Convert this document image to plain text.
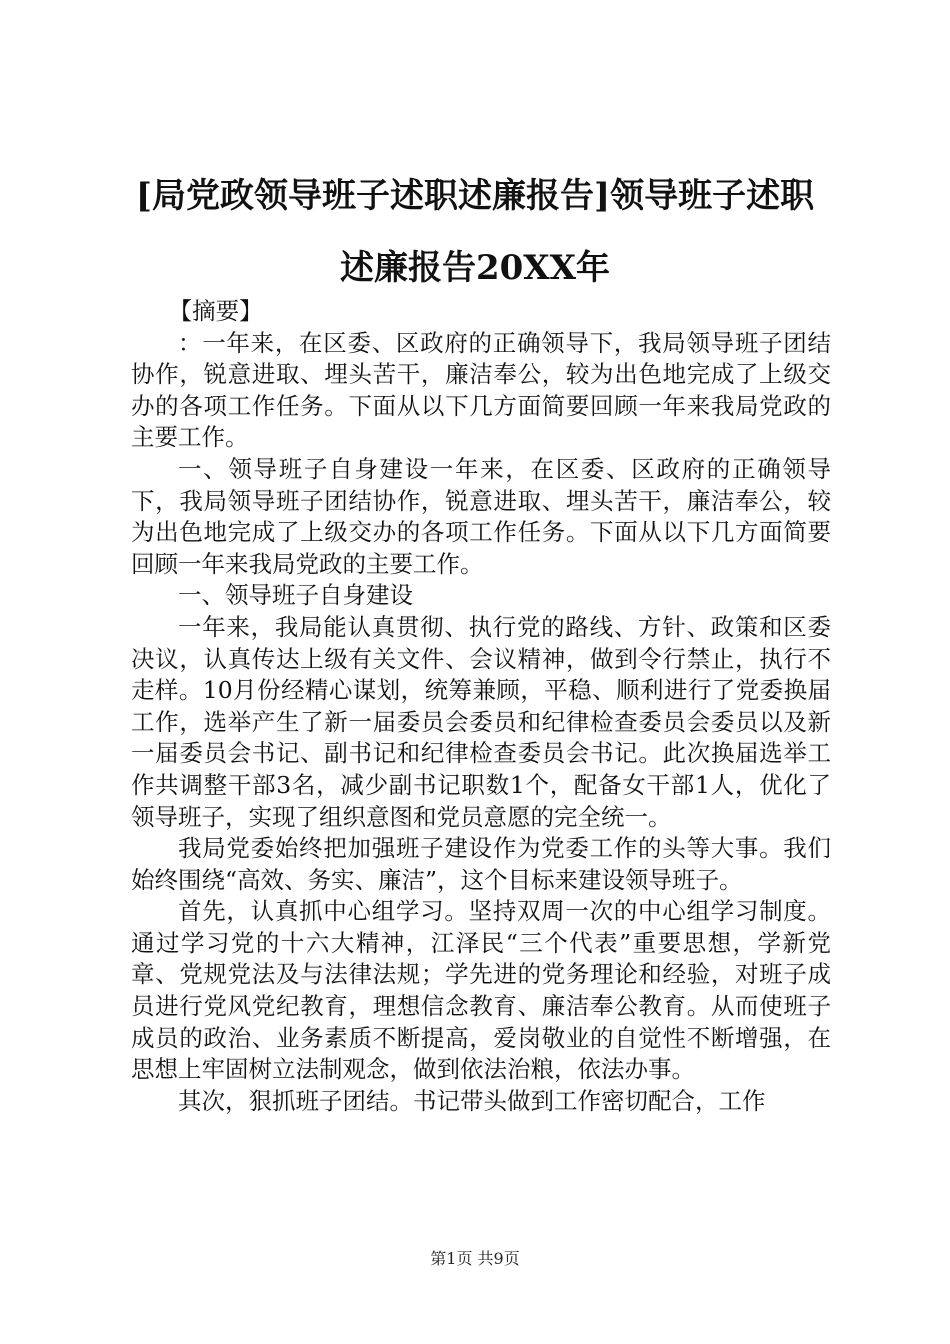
[局党政领导班子述职述廉报告]领导班子述职
述廉报告20XX年

【摘要】

：一年来，在区委、区政府的正确领导下，我局领导班子团结协作，锐意进取、埋头苦干，廉洁奉公，较为出色地完成了上级交办的各项工作任务。下面从以下几方面简要回顾一年来我局党政的主要工作。

一、领导班子自身建设一年来，在区委、区政府的正确领导下，我局领导班子团结协作，锐意进取、埋头苦干，廉洁奉公，较为出色地完成了上级交办的各项工作任务。下面从以下几方面简要回顾一年来我局党政的主要工作。

一、领导班子自身建设

一年来，我局能认真贯彻、执行党的路线、方针、政策和区委决议，认真传达上级有关文件、会议精神，做到令行禁止，执行不走样。10月份经精心谋划，统筹兼顾，平稳、顺利进行了党委换届工作，选举产生了新一届委员会委员和纪律检查委员会委员以及新一届委员会书记、副书记和纪律检查委员会书记。此次换届选举工作共调整干部3名，减少副书记职数1个，配备女干部1人，优化了领导班子，实现了组织意图和党员意愿的完全统一。

我局党委始终把加强班子建设作为党委工作的头等大事。我们始终围绕“高效、务实、廉洁”，这个目标来建设领导班子。

首先，认真抓中心组学习。坚持双周一次的中心组学习制度。通过学习党的十六大精神，江泽民“三个代表”重要思想，学新党章、党规党法及与法律法规；学先进的党务理论和经验，对班子成员进行党风党纪教育，理想信念教育、廉洁奉公教育。从而使班子成员的政治、业务素质不断提高，爱岗敬业的自觉性不断增强，在思想上牢固树立法制观念，做到依法治粮，依法办事。

其次，狠抓班子团结。书记带头做到工作密切配合，工作

第1页 共9页
